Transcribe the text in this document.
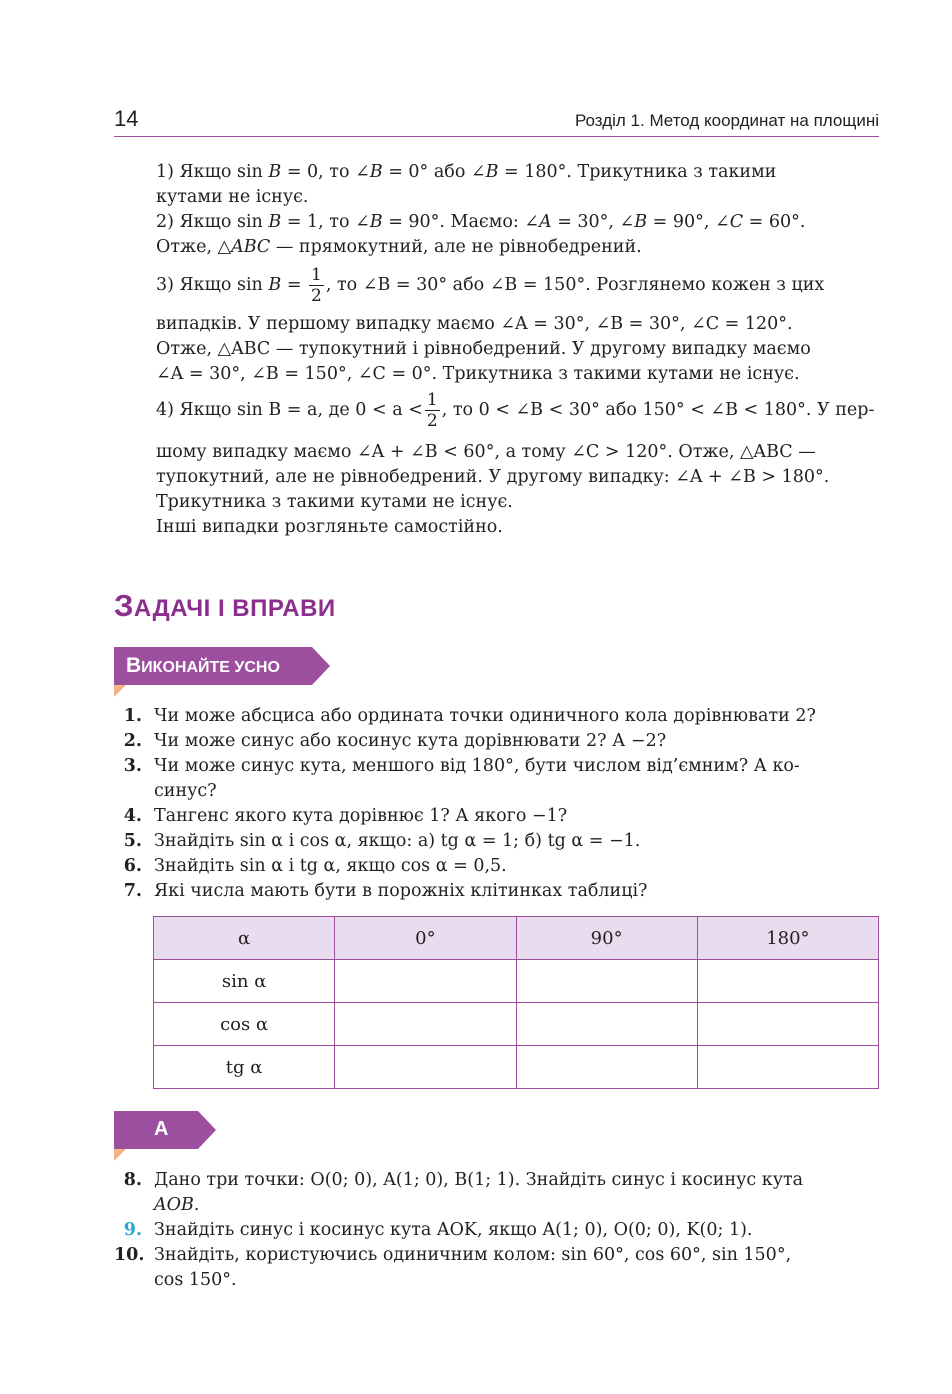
14	Розділ 1. Метод координат на площині
1) Якщо sin B = 0, то ∠B = 0° або ∠B = 180°. Трикутника з такими
кутами не існує.
2) Якщо sin B = 1, то ∠B = 90°. Маємо: ∠A = 30°, ∠B = 90°, ∠C = 60°.
Отже, △ABC — прямокутний, але не рівнобедрений.
3) Якщо $\sin B = \frac{1}{2}$ , то ∠B = 30° або ∠B = 150°. Розглянемо кожен з цих
випадків. У першому випадку маємо ∠A = 30°, ∠B = 30°, ∠C = 120°.
Отже, △ABC — тупокутний і рівнобедрений. У другому випадку маємо
∠A = 30°, ∠B = 150°, ∠C = 0°. Трикутника з такими кутами не існує.
4) Якщо sin B = a, де $0 < a < \frac{1}{2}$ , то 0 < ∠B < 30° або 150° < ∠B < 180°. У пер-
шому випадку маємо ∠A + ∠B < 60°, а тому ∠C > 120°. Отже, △ABC —
тупокутний, але не рівнобедрений. У другому випадку: ∠A + ∠B > 180°.
Трикутника з такими кутами не існує.
Інші випадки розгляньте самостійно.
ЗАДАЧІ І ВПРАВИ
ВИКОНАЙТЕ УСНО
1. Чи може абсциса або ордината точки одиничного кола дорівнювати 2?
2. Чи може синус або косинус кута дорівнювати 2? А −2?
3. Чи може синус кута, меншого від 180°, бути числом від’ємним? А ко-
синус?
4. Тангенс якого кута дорівнює 1? А якого −1?
5. Знайдіть sin α і cos α, якщо: а) tg α = 1; б) tg α = −1.
6. Знайдіть sin α і tg α, якщо cos α = 0,5.
7. Які числа мають бути в порожніх клітинках таблиці?
α	0°	90°	180°
sin α			
cos α			
tg α			
А
8. Дано три точки: O(0; 0), A(1; 0), B(1; 1). Знайдіть синус і косинус кута
AOB.
9. Знайдіть синус і косинус кута AOK, якщо A(1; 0), O(0; 0), K(0; 1).
10. Знайдіть, користуючись одиничним колом: sin 60°, cos 60°, sin 150°,
cos 150°.
